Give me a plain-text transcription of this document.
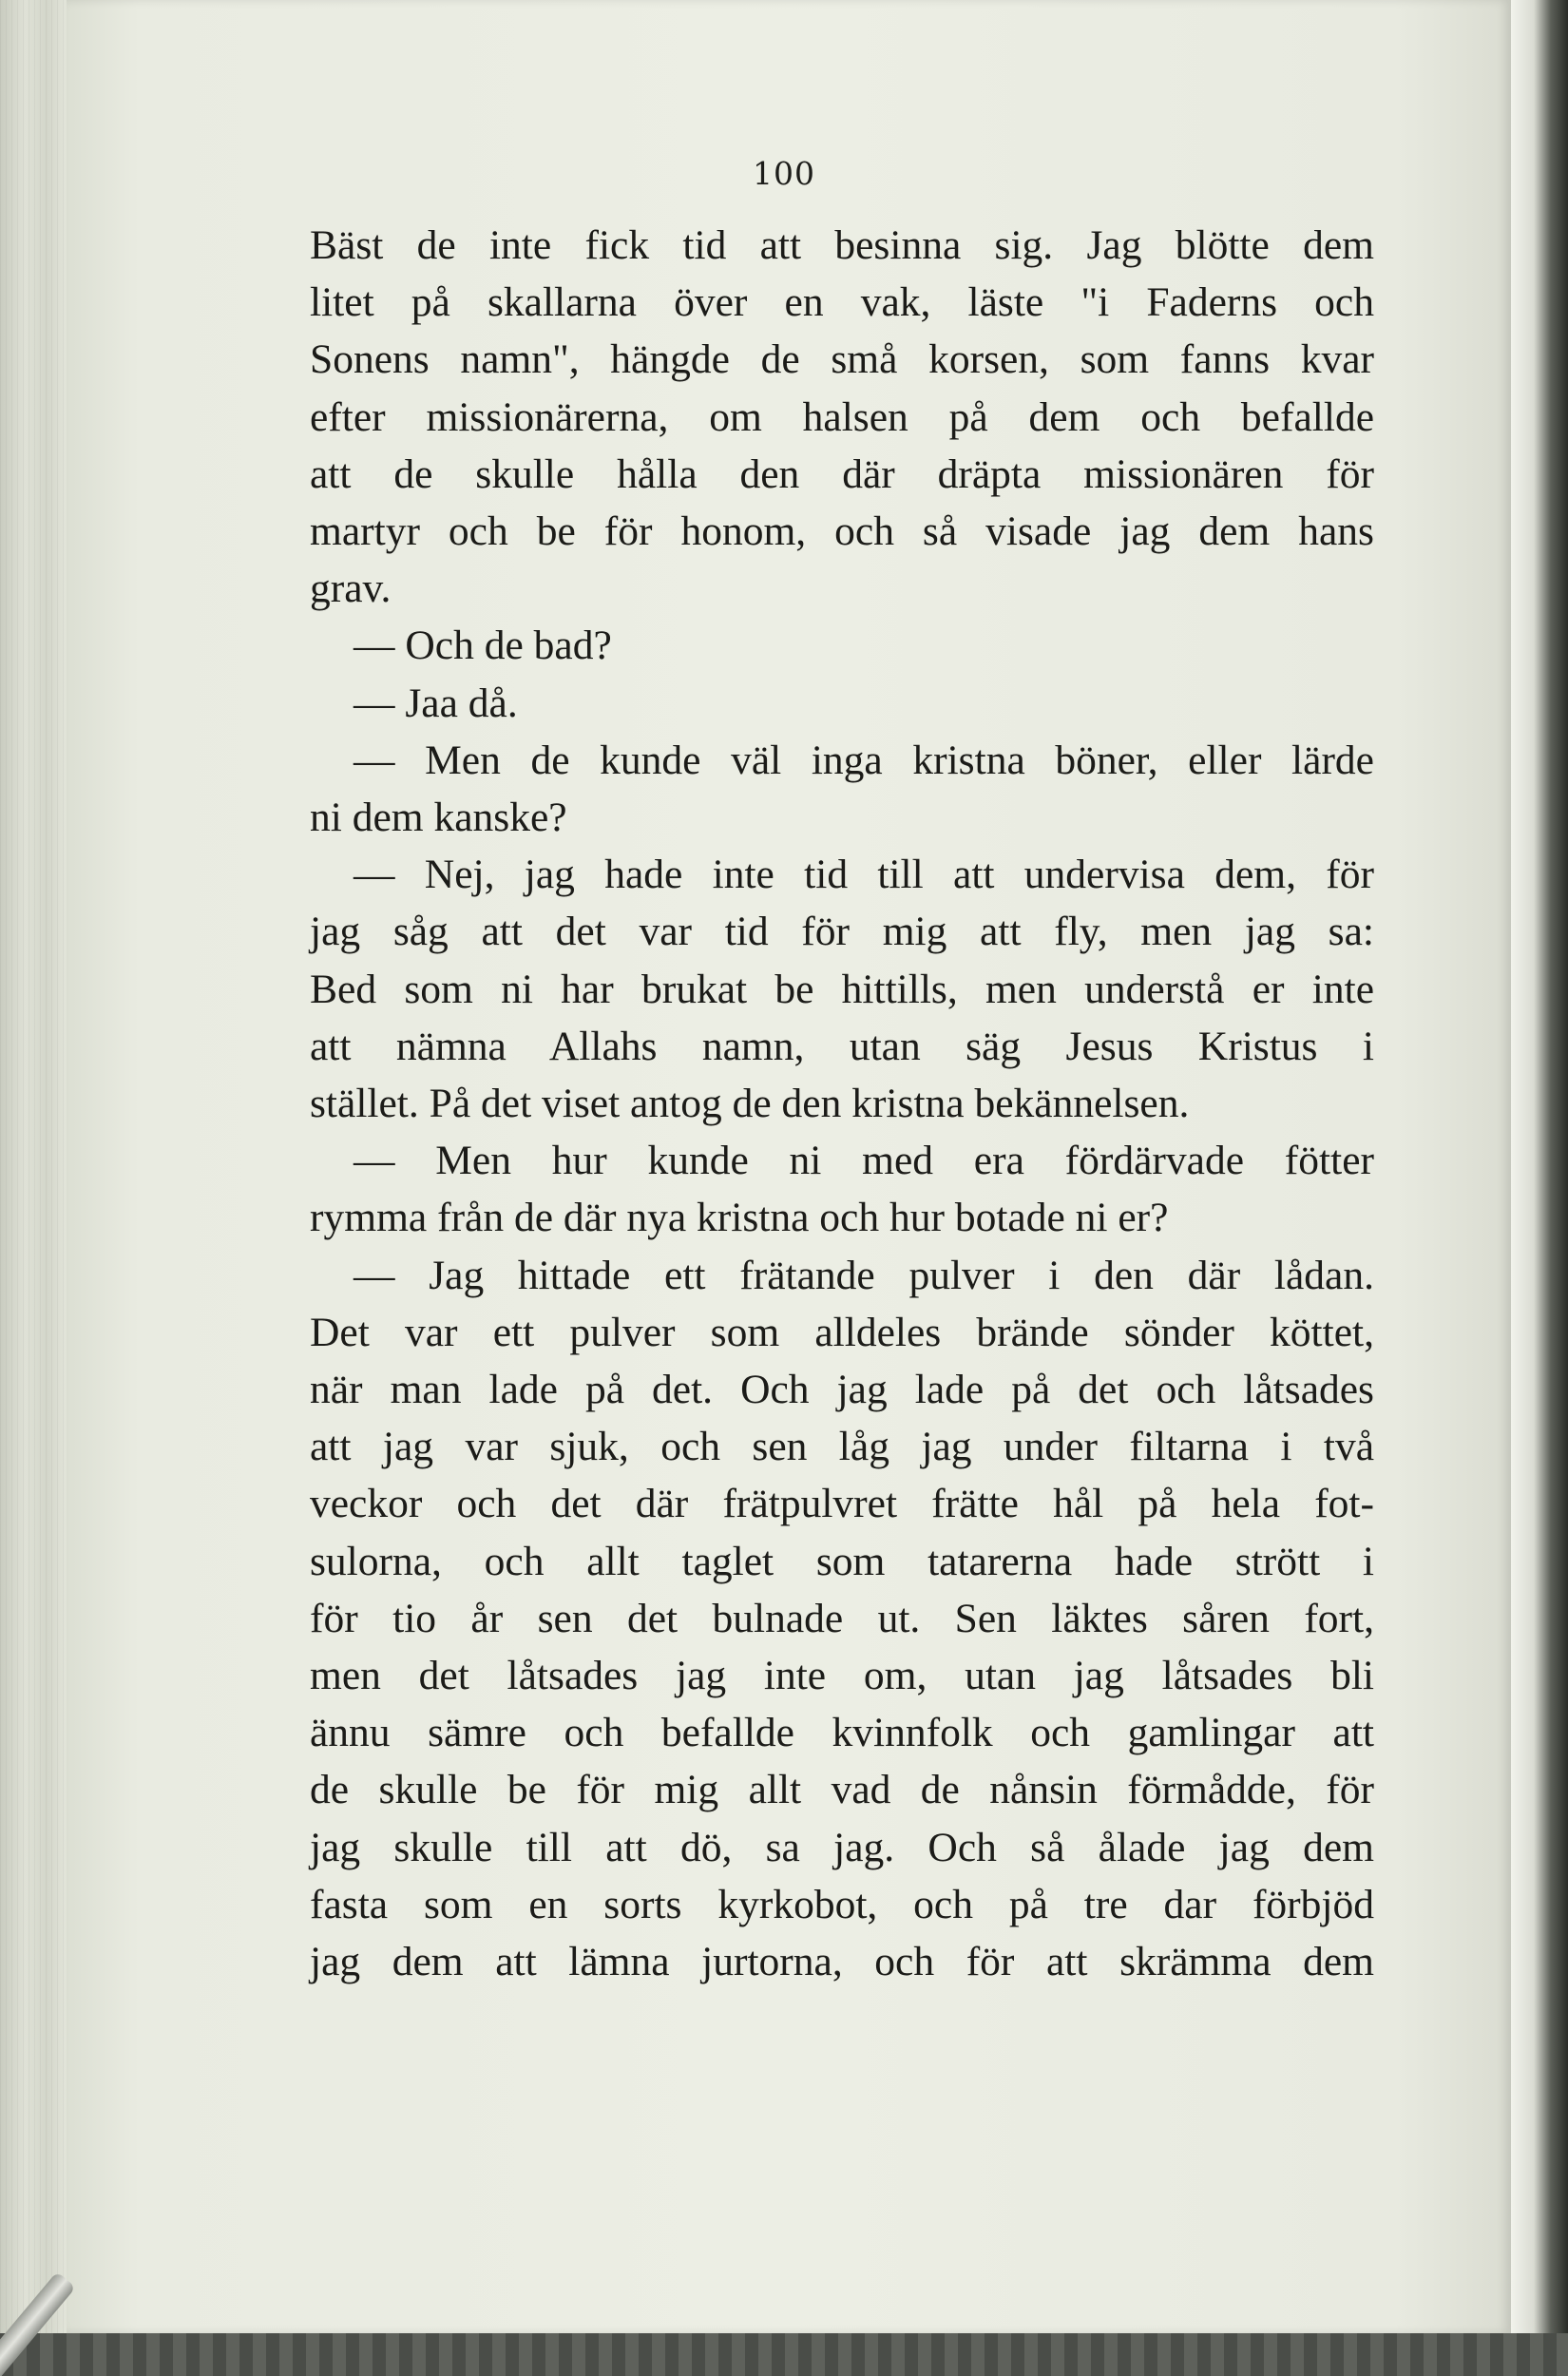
100
Bäst de inte fick tid att besinna sig. Jag blötte dem
litet på skallarna över en vak, läste "i Faderns och
Sonens namn", hängde de små korsen, som fanns kvar
efter missionärerna, om halsen på dem och befallde
att de skulle hålla den där dräpta missionären för
martyr och be för honom, och så visade jag dem hans
grav.
— Och de bad?
— Jaa då.
— Men de kunde väl inga kristna böner, eller lärde
ni dem kanske?
— Nej, jag hade inte tid till att undervisa dem, för
jag såg att det var tid för mig att fly, men jag sa:
Bed som ni har brukat be hittills, men understå er inte
att nämna Allahs namn, utan säg Jesus Kristus i
stället. På det viset antog de den kristna bekännelsen.
— Men hur kunde ni med era fördärvade fötter
rymma från de där nya kristna och hur botade ni er?
— Jag hittade ett frätande pulver i den där lådan.
Det var ett pulver som alldeles brände sönder köttet,
när man lade på det. Och jag lade på det och låtsades
att jag var sjuk, och sen låg jag under filtarna i två
veckor och det där frätpulvret frätte hål på hela fot-
sulorna, och allt taglet som tatarerna hade strött i
för tio år sen det bulnade ut. Sen läktes såren fort,
men det låtsades jag inte om, utan jag låtsades bli
ännu sämre och befallde kvinnfolk och gamlingar att
de skulle be för mig allt vad de nånsin förmådde, för
jag skulle till att dö, sa jag. Och så ålade jag dem
fasta som en sorts kyrkobot, och på tre dar förbjöd
jag dem att lämna jurtorna, och för att skrämma dem
